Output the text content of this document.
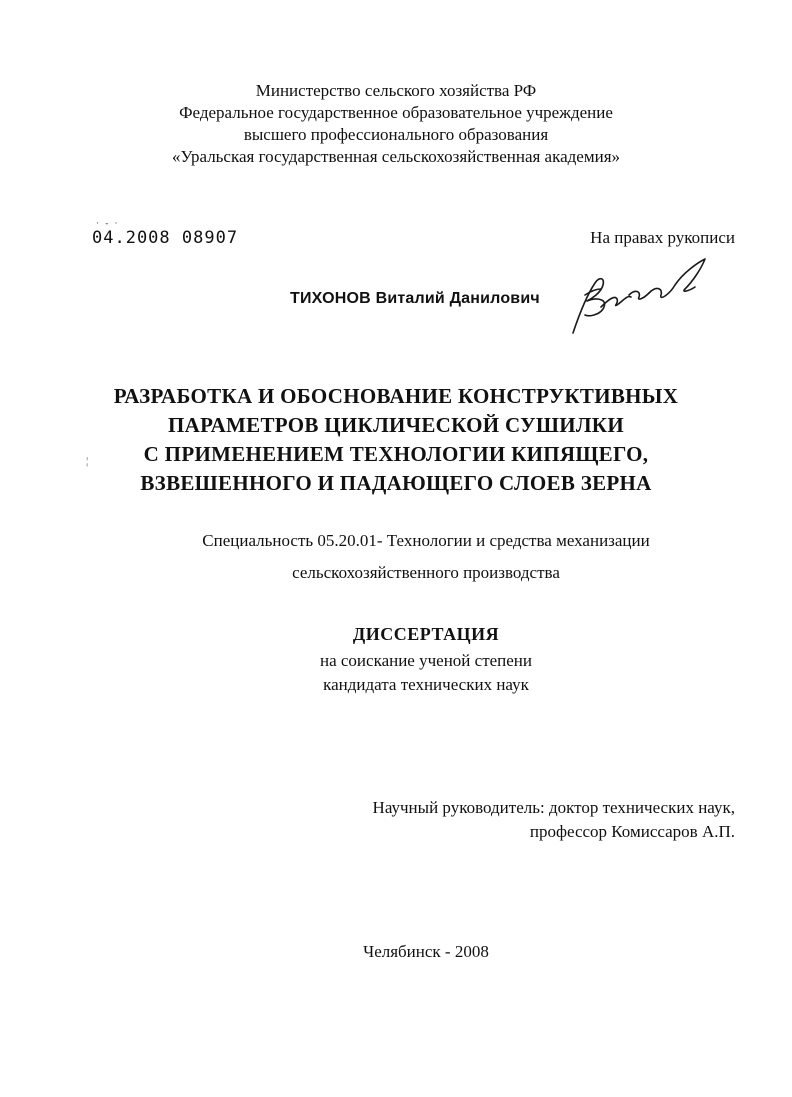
Министерство сельского хозяйства РФ
Федеральное государственное образовательное учреждение
высшего профессионального образования
«Уральская государственная сельскохозяйственная академия»
· - ·
04.2008 08907	На правах рукописи
ТИХОНОВ Виталий Данилович
¦
РАЗРАБОТКА И ОБОСНОВАНИЕ КОНСТРУКТИВНЫХ
ПАРАМЕТРОВ ЦИКЛИЧЕСКОЙ СУШИЛКИ
С ПРИМЕНЕНИЕМ ТЕХНОЛОГИИ КИПЯЩЕГО,
ВЗВЕШЕННОГО И ПАДАЮЩЕГО СЛОЕВ ЗЕРНА
Специальность 05.20.01- Технологии и средства механизации
сельскохозяйственного производства
ДИССЕРТАЦИЯ
на соискание ученой степени
кандидата технических наук
Научный руководитель: доктор технических наук,
профессор Комиссаров А.П.
Челябинск - 2008
